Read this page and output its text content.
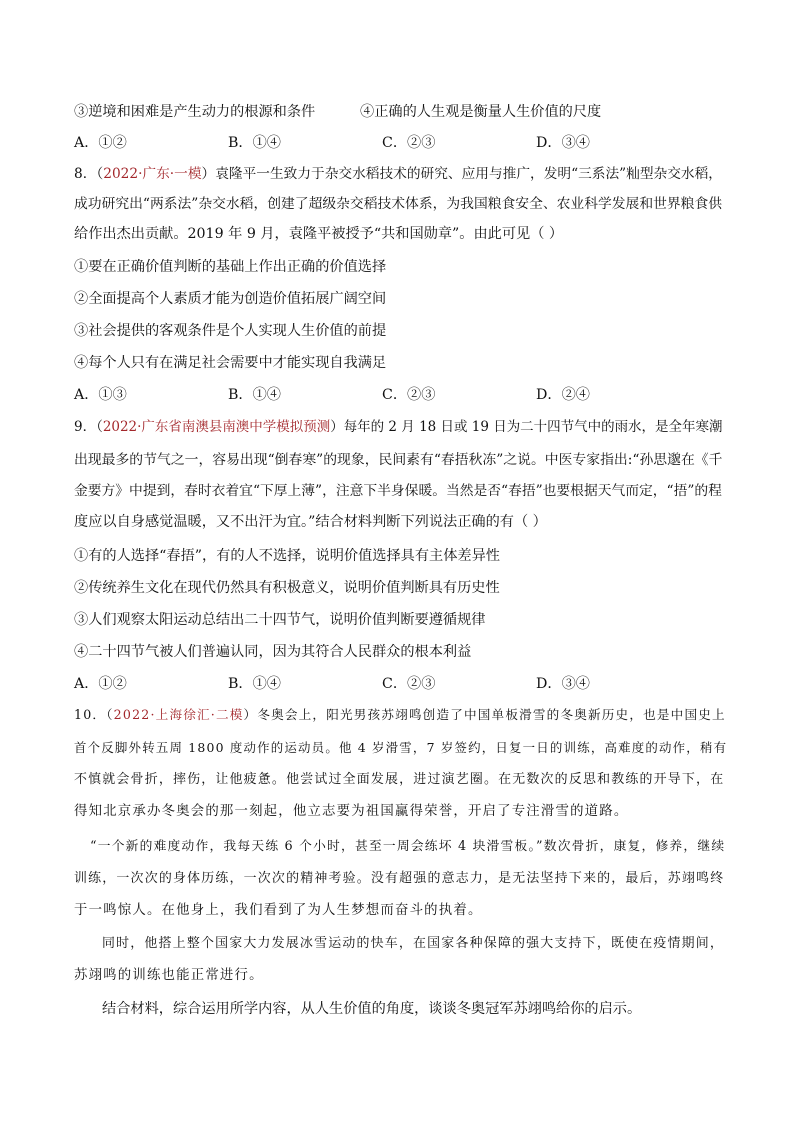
③逆境和困难是产生动力的根源和条件	④正确的人生观是衡量人生价值的尺度
A．①②	B．①④	C．②③	D．③④
8．（2022·广东·一模）袁隆平一生致力于杂交水稻技术的研究、应用与推广，发明“三系法”籼型杂交水稻，
成功研究出“两系法”杂交水稻，创建了超级杂交稻技术体系，为我国粮食安全、农业科学发展和世界粮食供
给作出杰出贡献。2019 年 9 月，袁隆平被授予“共和国勋章”。由此可见（ ）
①要在正确价值判断的基础上作出正确的价值选择
②全面提高个人素质才能为创造价值拓展广阔空间
③社会提供的客观条件是个人实现人生价值的前提
④每个人只有在满足社会需要中才能实现自我满足
A．①③	B．①④	C．②③	D．②④
9．（2022·广东省南澳县南澳中学模拟预测）每年的 2 月 18 日或 19 日为二十四节气中的雨水，是全年寒潮
出现最多的节气之一，容易出现“倒春寒”的现象，民间素有“春捂秋冻”之说。中医专家指出:“孙思邈在《千
金要方》中提到，春时衣着宜“下厚上薄”，注意下半身保暖。当然是否“春捂”也要根据天气而定，“捂”的程
度应以自身感觉温暖，又不出汗为宜。”结合材料判断下列说法正确的有（ ）
①有的人选择“春捂”，有的人不选择，说明价值选择具有主体差异性
②传统养生文化在现代仍然具有积极意义，说明价值判断具有历史性
③人们观察太阳运动总结出二十四节气，说明价值判断要遵循规律
④二十四节气被人们普遍认同，因为其符合人民群众的根本利益
A．①②	B．①④	C．②③	D．③④
10．（2022·上海徐汇·二模）冬奥会上，阳光男孩苏翊鸣创造了中国单板滑雪的冬奥新历史，也是中国史上
首个反脚外转五周 1800 度动作的运动员。他 4 岁滑雪，7 岁签约，日复一日的训练，高难度的动作，稍有
不慎就会骨折，摔伤，让他疲惫。他尝试过全面发展，进过演艺圈。在无数次的反思和教练的开导下，在
得知北京承办冬奥会的那一刻起，他立志要为祖国赢得荣誉，开启了专注滑雪的道路。
“一个新的难度动作，我每天练 6 个小时，甚至一周会练坏 4 块滑雪板。”数次骨折，康复，修养，继续
训练，一次次的身体历练，一次次的精神考验。没有超强的意志力，是无法坚持下来的，最后，苏翊鸣终
于一鸣惊人。在他身上，我们看到了为人生梦想而奋斗的执着。
同时，他搭上整个国家大力发展冰雪运动的快车，在国家各种保障的强大支持下，既使在疫情期间，
苏翊鸣的训练也能正常进行。
结合材料，综合运用所学内容，从人生价值的角度，谈谈冬奥冠军苏翊鸣给你的启示。
